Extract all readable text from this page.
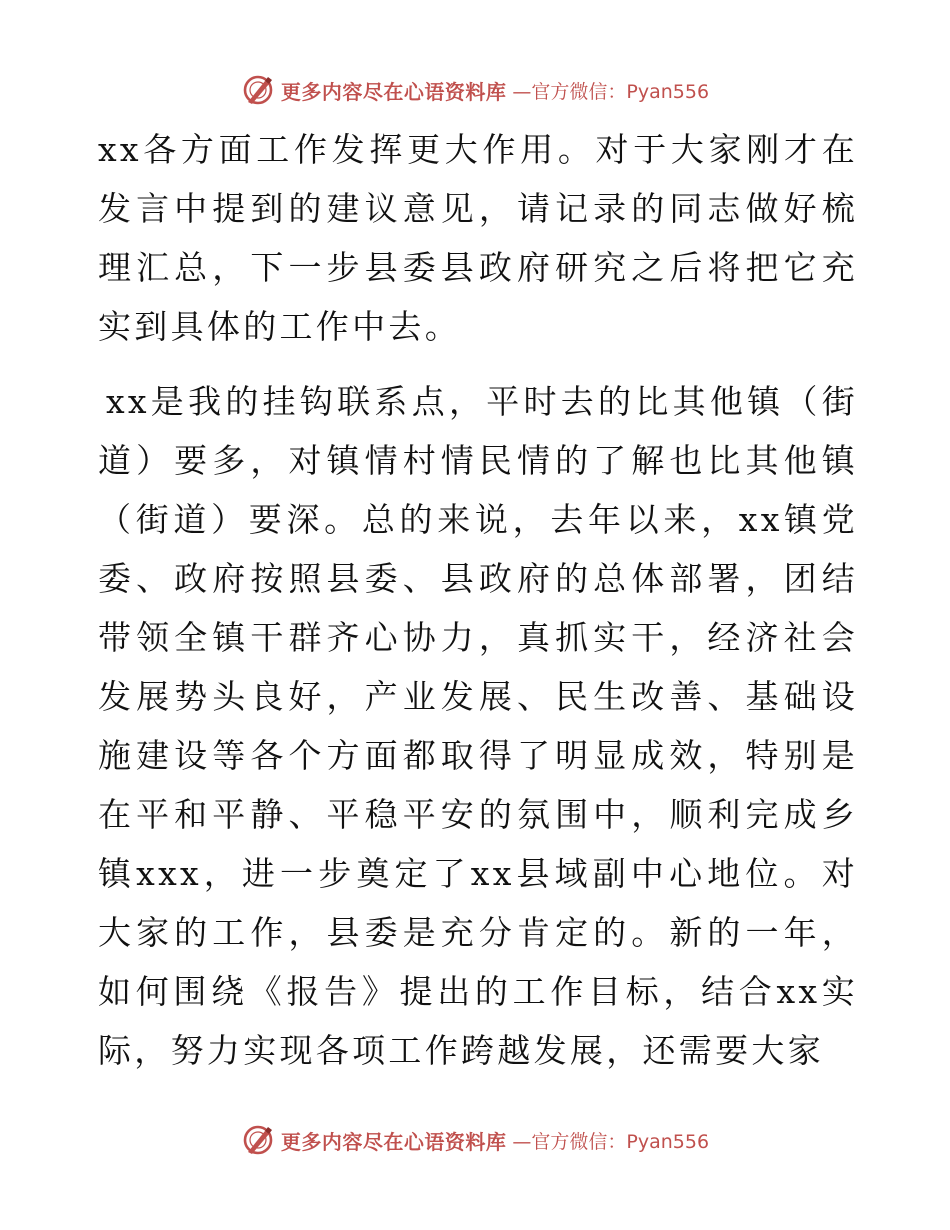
更多内容尽在心语资料库 —官方微信：Pyan556

xx各方面工作发挥更大作用。对于大家刚才在发言中提到的建议意见，请记录的同志做好梳理汇总，下一步县委县政府研究之后将把它充实到具体的工作中去。

xx是我的挂钩联系点，平时去的比其他镇（街道）要多，对镇情村情民情的了解也比其他镇（街道）要深。总的来说，去年以来，xx镇党委、政府按照县委、县政府的总体部署，团结带领全镇干群齐心协力，真抓实干，经济社会发展势头良好，产业发展、民生改善、基础设施建设等各个方面都取得了明显成效，特别是在平和平静、平稳平安的氛围中，顺利完成乡镇xxx，进一步奠定了xx县域副中心地位。对大家的工作，县委是充分肯定的。新的一年，如何围绕《报告》提出的工作目标，结合xx实际，努力实现各项工作跨越发展，还需要大家

更多内容尽在心语资料库 —官方微信：Pyan556
